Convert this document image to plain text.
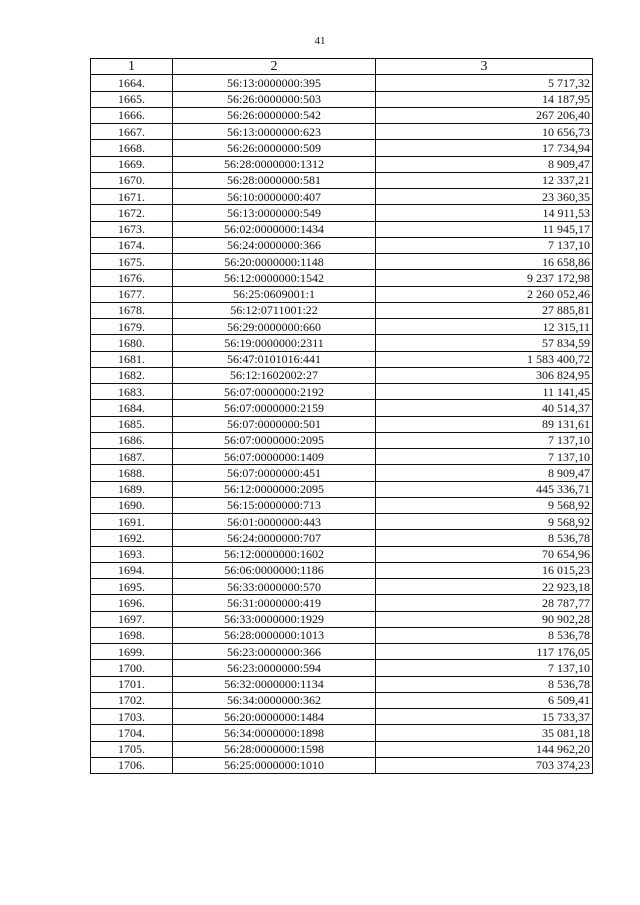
41
1	2	3
1664.	56:13:0000000:395	5 717,32
1665.	56:26:0000000:503	14 187,95
1666.	56:26:0000000:542	267 206,40
1667.	56:13:0000000:623	10 656,73
1668.	56:26:0000000:509	17 734,94
1669.	56:28:0000000:1312	8 909,47
1670.	56:28:0000000:581	12 337,21
1671.	56:10:0000000:407	23 360,35
1672.	56:13:0000000:549	14 911,53
1673.	56:02:0000000:1434	11 945,17
1674.	56:24:0000000:366	7 137,10
1675.	56:20:0000000:1148	16 658,86
1676.	56:12:0000000:1542	9 237 172,98
1677.	56:25:0609001:1	2 260 052,46
1678.	56:12:0711001:22	27 885,81
1679.	56:29:0000000:660	12 315,11
1680.	56:19:0000000:2311	57 834,59
1681.	56:47:0101016:441	1 583 400,72
1682.	56:12:1602002:27	306 824,95
1683.	56:07:0000000:2192	11 141,45
1684.	56:07:0000000:2159	40 514,37
1685.	56:07:0000000:501	89 131,61
1686.	56:07:0000000:2095	7 137,10
1687.	56:07:0000000:1409	7 137,10
1688.	56:07:0000000:451	8 909,47
1689.	56:12:0000000:2095	445 336,71
1690.	56:15:0000000:713	9 568,92
1691.	56:01:0000000:443	9 568,92
1692.	56:24:0000000:707	8 536,78
1693.	56:12:0000000:1602	70 654,96
1694.	56:06:0000000:1186	16 015,23
1695.	56:33:0000000:570	22 923,18
1696.	56:31:0000000:419	28 787,77
1697.	56:33:0000000:1929	90 902,28
1698.	56:28:0000000:1013	8 536,78
1699.	56:23:0000000:366	117 176,05
1700.	56:23:0000000:594	7 137,10
1701.	56:32:0000000:1134	8 536,78
1702.	56:34:0000000:362	6 509,41
1703.	56:20:0000000:1484	15 733,37
1704.	56:34:0000000:1898	35 081,18
1705.	56:28:0000000:1598	144 962,20
1706.	56:25:0000000:1010	703 374,23
